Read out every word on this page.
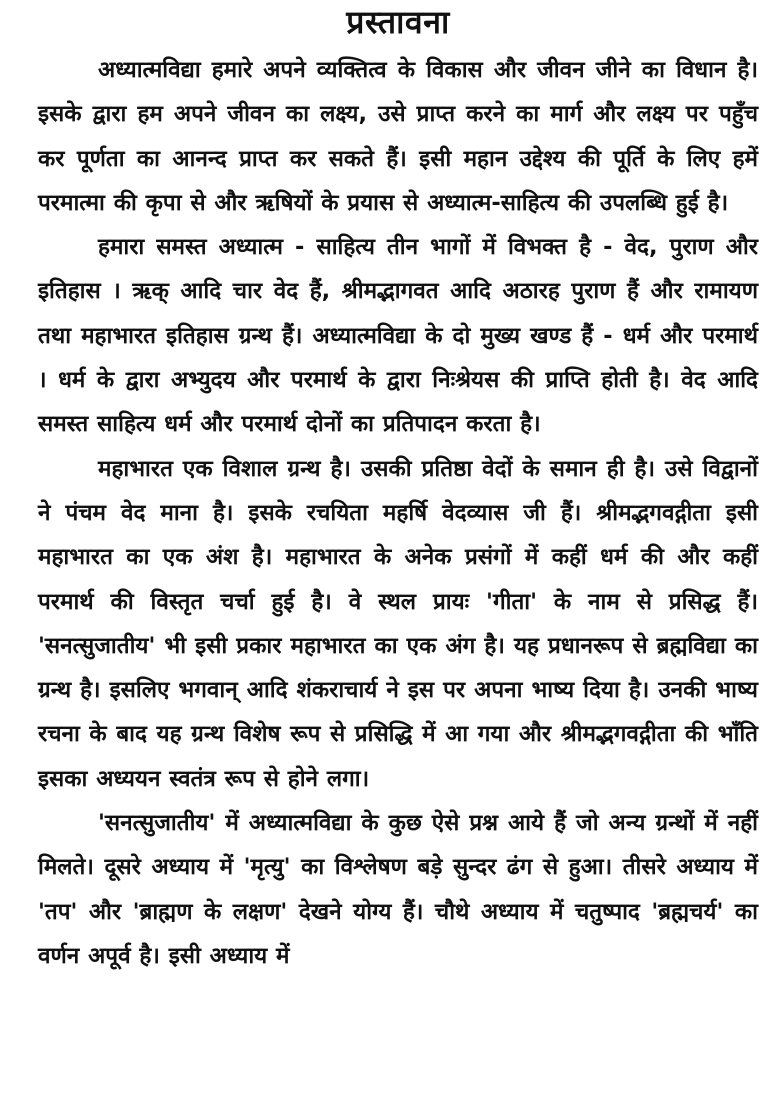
प्रस्तावना

अध्यात्मविद्या हमारे अपने व्यक्तित्व के विकास और जीवन जीने का विधान है। इसके द्वारा हम अपने जीवन का लक्ष्य, उसे प्राप्त करने का मार्ग और लक्ष्य पर पहुँच कर पूर्णता का आनन्द प्राप्त कर सकते हैं। इसी महान उद्देश्य की पूर्ति के लिए हमें परमात्मा की कृपा से और ऋषियों के प्रयास से अध्यात्म-साहित्य की उपलब्धि हुई है।

हमारा समस्त अध्यात्म - साहित्य तीन भागों में विभक्त है - वेद, पुराण और इतिहास । ऋक् आदि चार वेद हैं, श्रीमद्भागवत आदि अठारह पुराण हैं और रामायण तथा महाभारत इतिहास ग्रन्थ हैं। अध्यात्मविद्या के दो मुख्य खण्ड हैं - धर्म और परमार्थ । धर्म के द्वारा अभ्युदय और परमार्थ के द्वारा निःश्रेयस की प्राप्ति होती है। वेद आदि समस्त साहित्य धर्म और परमार्थ दोनों का प्रतिपादन करता है।

महाभारत एक विशाल ग्रन्थ है। उसकी प्रतिष्ठा वेदों के समान ही है। उसे विद्वानों ने पंचम वेद माना है। इसके रचयिता महर्षि वेदव्यास जी हैं। श्रीमद्भगवद्गीता इसी महाभारत का एक अंश है। महाभारत के अनेक प्रसंगों में कहीं धर्म की और कहीं परमार्थ की विस्तृत चर्चा हुई है। वे स्थल प्रायः 'गीता' के नाम से प्रसिद्ध हैं। 'सनत्सुजातीय' भी इसी प्रकार महाभारत का एक अंग है। यह प्रधानरूप से ब्रह्मविद्या का ग्रन्थ है। इसलिए भगवान् आदि शंकराचार्य ने इस पर अपना भाष्य दिया है। उनकी भाष्य रचना के बाद यह ग्रन्थ विशेष रूप से प्रसिद्धि में आ गया और श्रीमद्भगवद्गीता की भाँति इसका अध्ययन स्वतंत्र रूप से होने लगा।

'सनत्सुजातीय' में अध्यात्मविद्या के कुछ ऐसे प्रश्न आये हैं जो अन्य ग्रन्थों में नहीं मिलते। दूसरे अध्याय में 'मृत्यु' का विश्लेषण बड़े सुन्दर ढंग से हुआ। तीसरे अध्याय में 'तप' और 'ब्राह्मण के लक्षण' देखने योग्य हैं। चौथे अध्याय में चतुष्पाद 'ब्रह्मचर्य' का वर्णन अपूर्व है। इसी अध्याय में
